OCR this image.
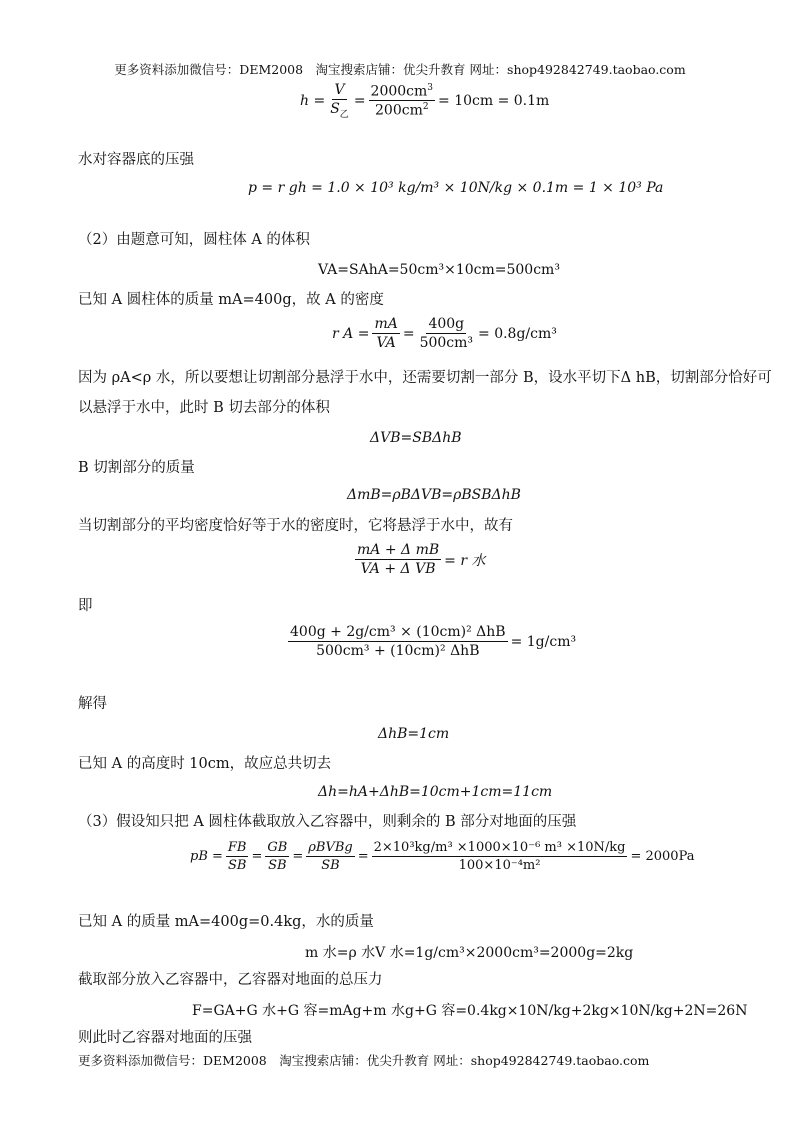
更多资料添加微信号：DEM2008　淘宝搜索店铺：优尖升教育 网址：shop492842749.taobao.com
$h = \frac{V}{S_乙} = \frac{2000cm^3}{200cm^2} = 10cm = 0.1m$
水对容器底的压强
p = r gh = 1.0 × 10³ kg/m³ × 10N/kg × 0.1m = 1 × 10³ Pa
（2）由题意可知，圆柱体 A 的体积
VA=SAhA=50cm³×10cm=500cm³
已知 A 圆柱体的质量 mA=400g，故 A 的密度
r $A = \frac{mA}{VA} = \frac{400g}{\text{500cm³}} = 0.8g/cm^3$
因为 ρA<ρ 水，所以要想让切割部分悬浮于水中，还需要切割一部分 B，设水平切下Δ hB，切割部分恰好可
以悬浮于水中，此时 B 切去部分的体积
ΔVB=SBΔhB
B 切割部分的质量
ΔmB=ρBΔVB=ρBSBΔhB
当切割部分的平均密度恰好等于水的密度时，它将悬浮于水中，故有
$\frac{\text{mA + Δ mB}}{\text{VA + Δ VB}} = r$ 水
即
$\frac{\text{400g + 2g/cm³ × (10cm)² ΔhB}}{\text{500cm³ + (10cm)² ΔhB}} = 1g/cm^3$
解得
ΔhB=1cm
已知 A 的高度时 10cm，故应总共切去
Δh=hA+ΔhB=10cm+1cm=11cm
（3）假设知只把 A 圆柱体截取放入乙容器中，则剩余的 B 部分对地面的压强
pB = $\frac{FB}{SB} = \frac{GB}{SB} = \frac{\text{ρBVBg}}{SB} = \frac{\text{2×10³kg/m³ ×1000×10⁻⁶ m³ ×10N/kg}}{\text{100×10⁻⁴m²}} = 2000Pa$
已知 A 的质量 mA=400g=0.4kg，水的质量
m 水=ρ 水V 水=1g/cm³×2000cm³=2000g=2kg
截取部分放入乙容器中，乙容器对地面的总压力
F=GA+G 水+G 容=mAg+m 水g+G 容=0.4kg×10N/kg+2kg×10N/kg+2N=26N
则此时乙容器对地面的压强
更多资料添加微信号：DEM2008　淘宝搜索店铺：优尖升教育 网址：shop492842749.taobao.com
